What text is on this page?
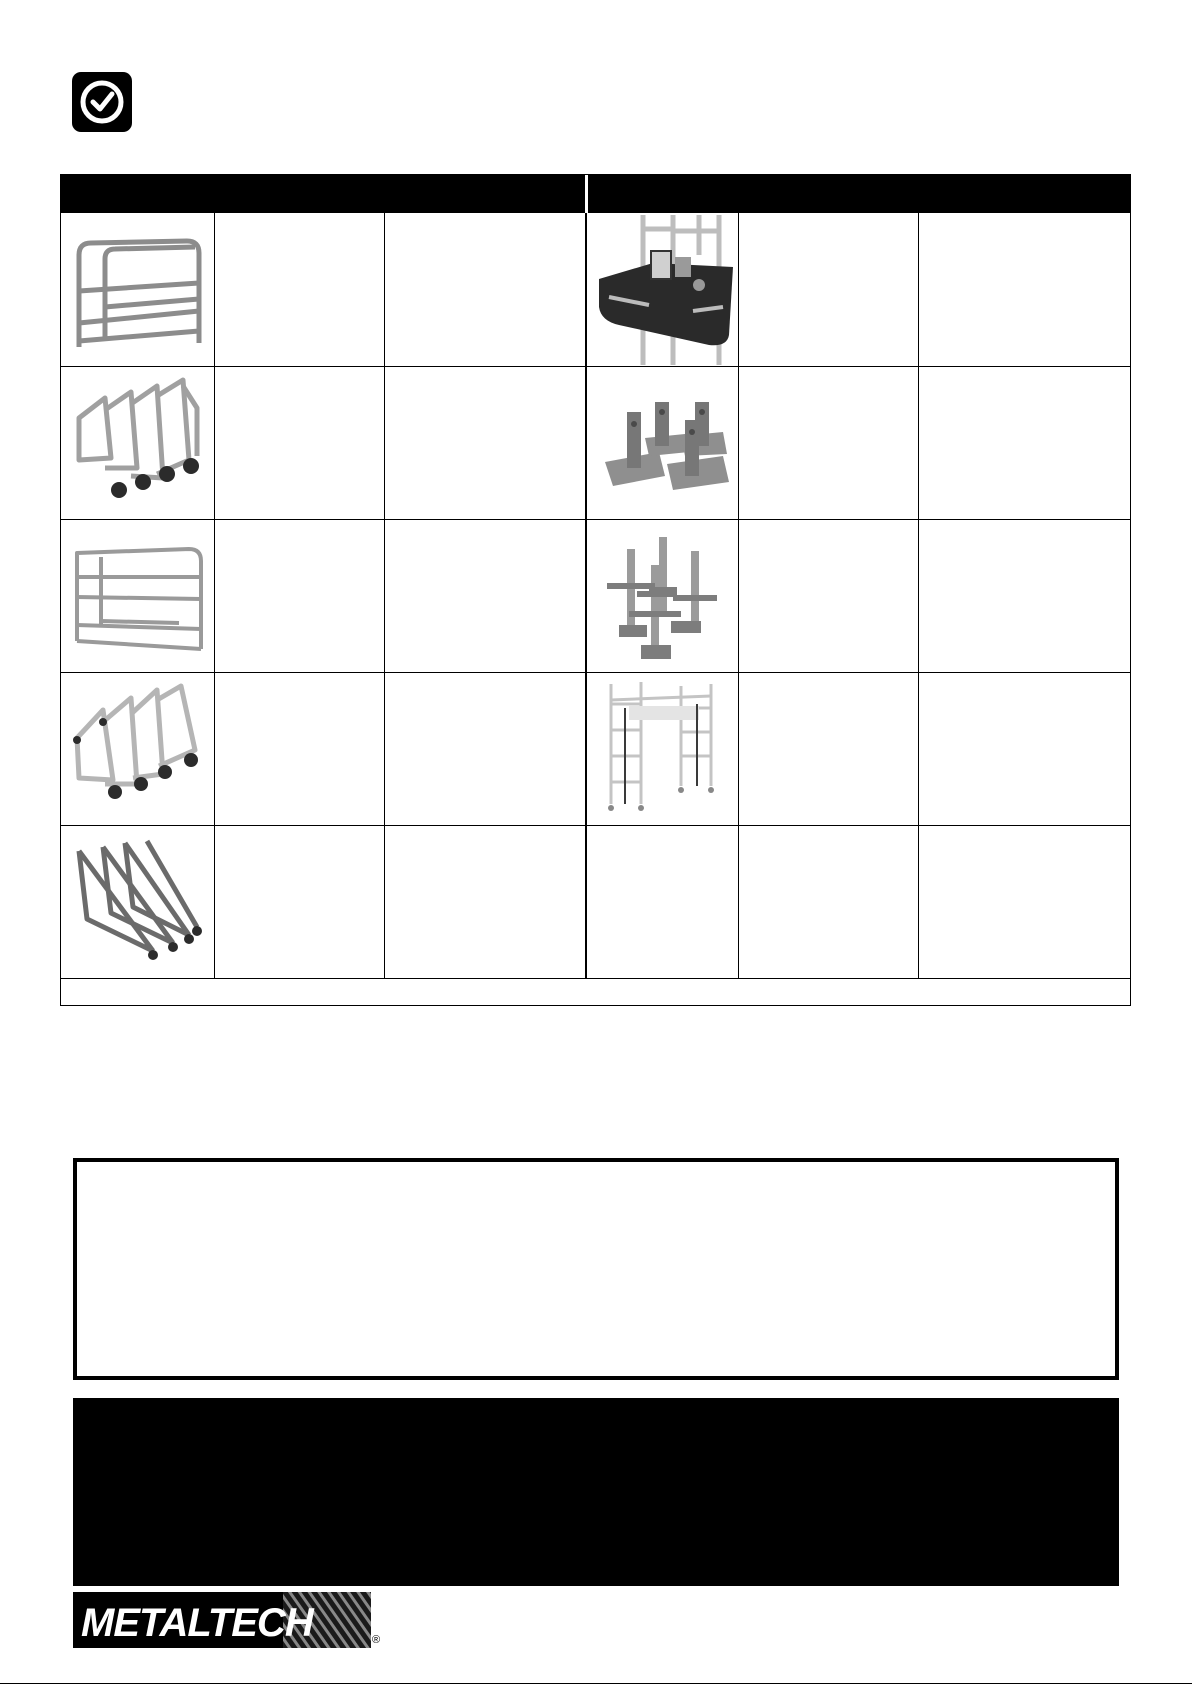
METALTECH	®
